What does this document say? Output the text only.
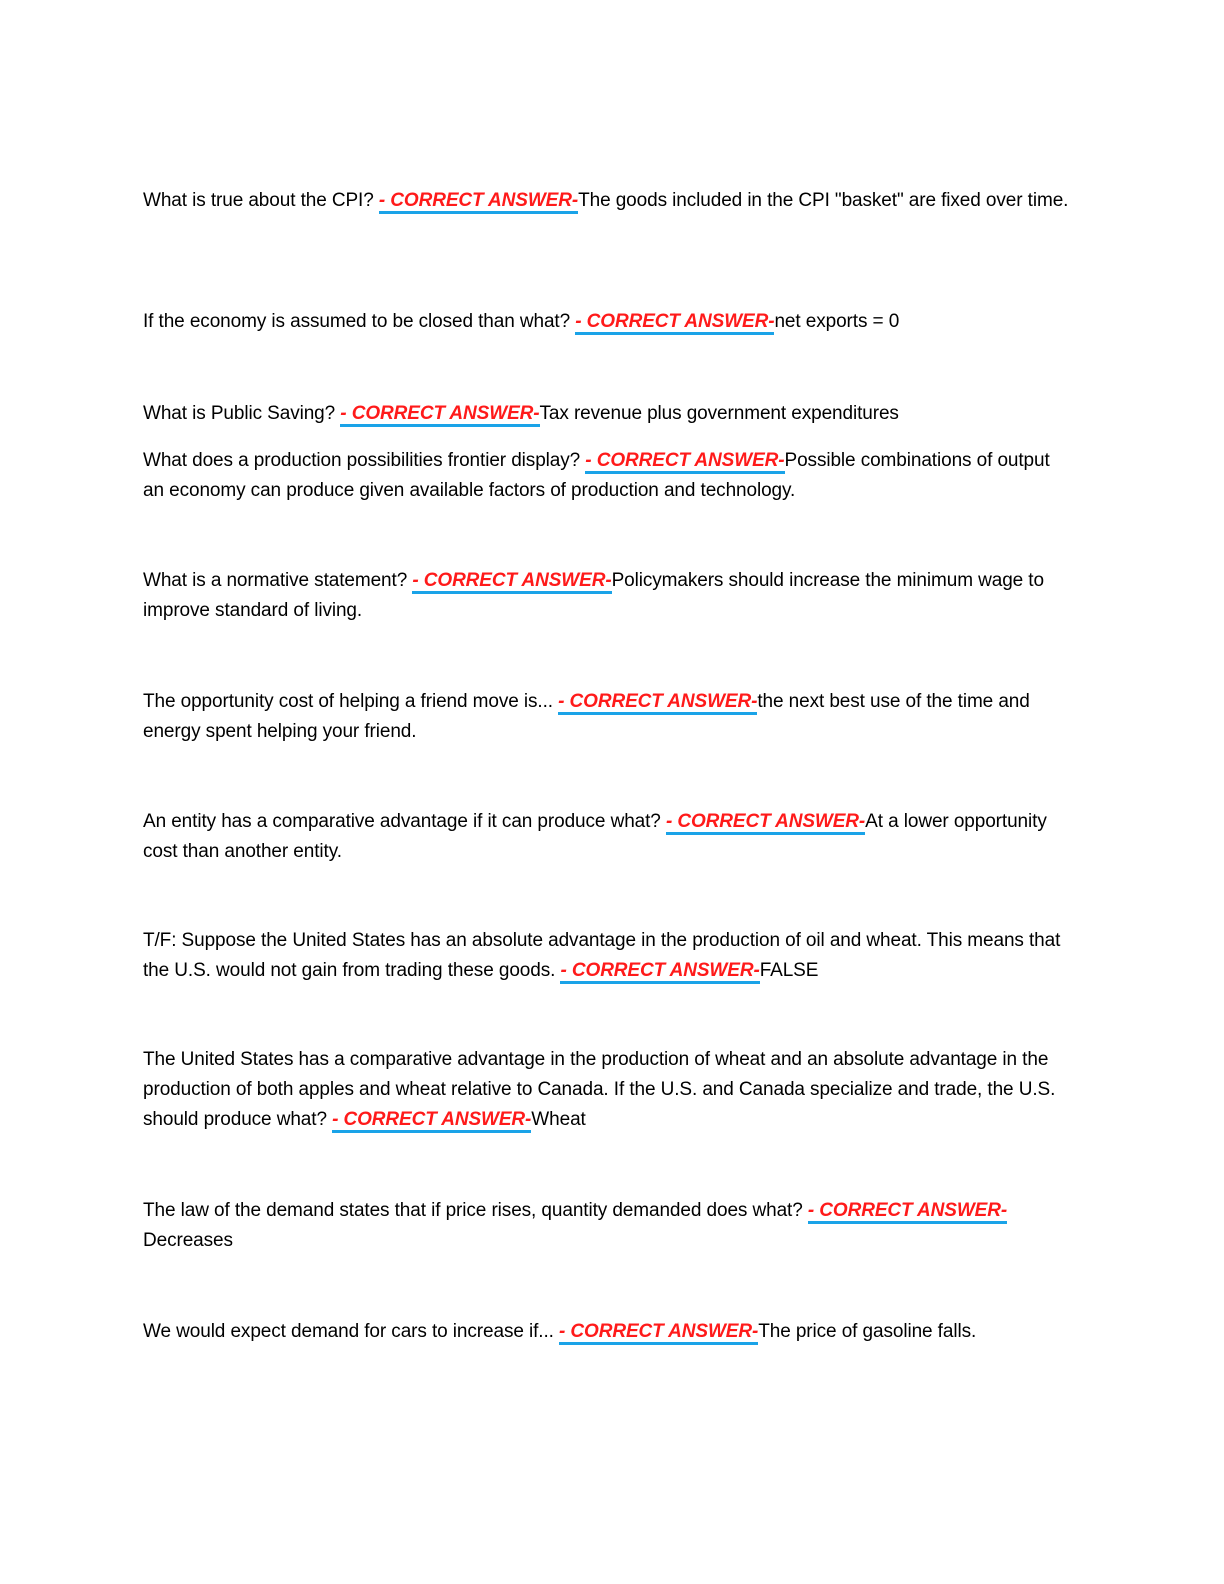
What is true about the CPI? - CORRECT ANSWER-The goods included in the CPI "basket" are fixed over time.
If the economy is assumed to be closed than what? - CORRECT ANSWER-net exports = 0
What is Public Saving? - CORRECT ANSWER-Tax revenue plus government expenditures
What does a production possibilities frontier display? - CORRECT ANSWER-Possible combinations of output an economy can produce given available factors of production and technology.
What is a normative statement? - CORRECT ANSWER-Policymakers should increase the minimum wage to improve standard of living.
The opportunity cost of helping a friend move is... - CORRECT ANSWER-the next best use of the time and energy spent helping your friend.
An entity has a comparative advantage if it can produce what? - CORRECT ANSWER-At a lower opportunity cost than another entity.
T/F: Suppose the United States has an absolute advantage in the production of oil and wheat. This means that the U.S. would not gain from trading these goods. - CORRECT ANSWER-FALSE
The United States has a comparative advantage in the production of wheat and an absolute advantage in the production of both apples and wheat relative to Canada. If the U.S. and Canada specialize and trade, the U.S. should produce what? - CORRECT ANSWER-Wheat
The law of the demand states that if price rises, quantity demanded does what? - CORRECT ANSWER-Decreases
We would expect demand for cars to increase if... - CORRECT ANSWER-The price of gasoline falls.
